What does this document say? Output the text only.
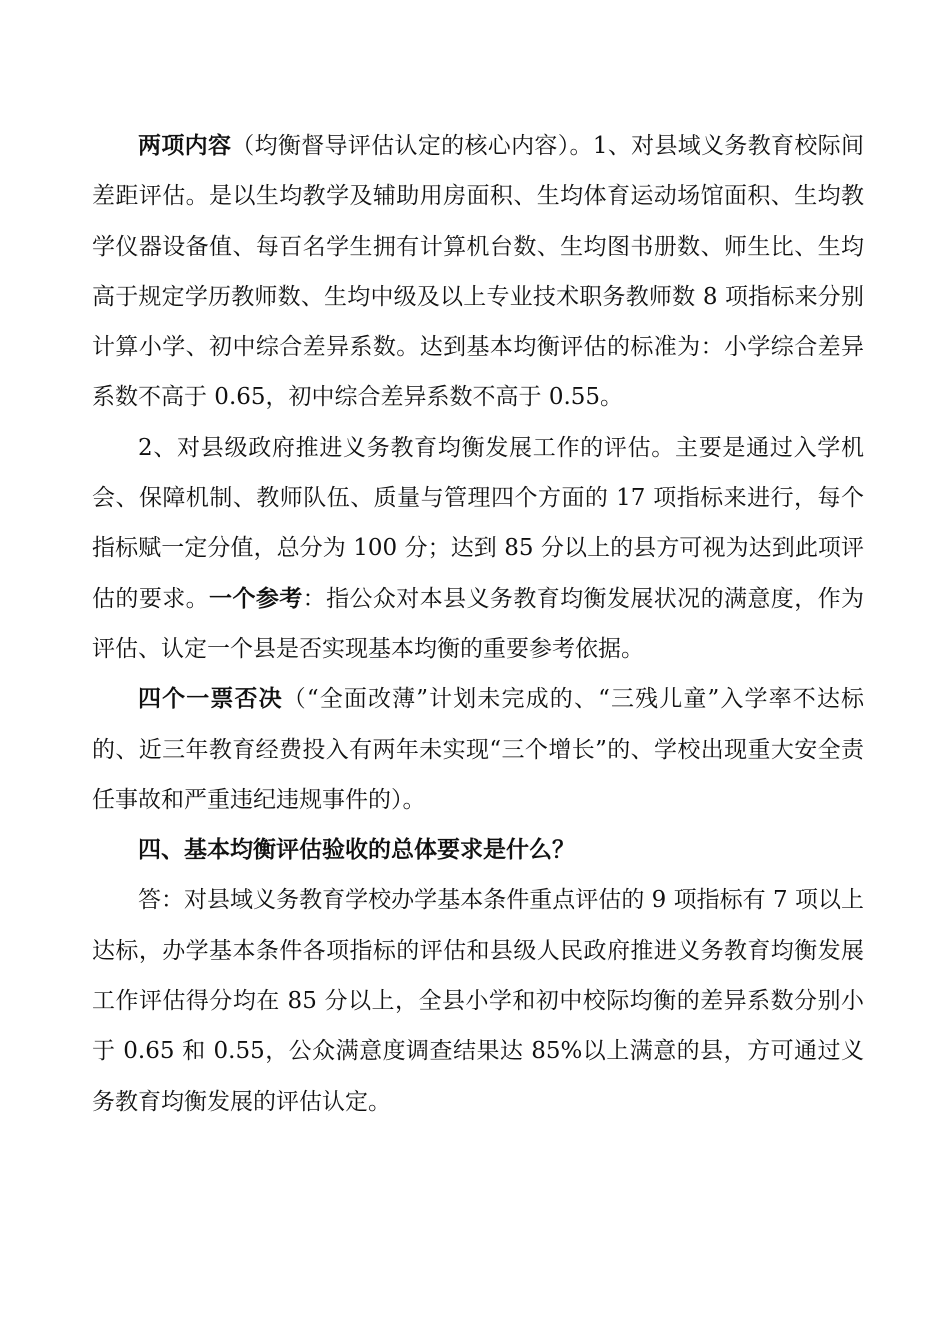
两项内容（均衡督导评估认定的核心内容）。1、对县域义务教育校际间差距评估。是以生均教学及辅助用房面积、生均体育运动场馆面积、生均教学仪器设备值、每百名学生拥有计算机台数、生均图书册数、师生比、生均高于规定学历教师数、生均中级及以上专业技术职务教师数 8 项指标来分别计算小学、初中综合差异系数。达到基本均衡评估的标准为：小学综合差异系数不高于 0.65，初中综合差异系数不高于 0.55。

2、对县级政府推进义务教育均衡发展工作的评估。主要是通过入学机会、保障机制、教师队伍、质量与管理四个方面的 17 项指标来进行，每个指标赋一定分值，总分为 100 分；达到 85 分以上的县方可视为达到此项评估的要求。一个参考：指公众对本县义务教育均衡发展状况的满意度，作为评估、认定一个县是否实现基本均衡的重要参考依据。

四个一票否决（“全面改薄”计划未完成的、“三残儿童”入学率不达标的、近三年教育经费投入有两年未实现“三个增长”的、学校出现重大安全责任事故和严重违纪违规事件的）。

四、基本均衡评估验收的总体要求是什么？

答：对县域义务教育学校办学基本条件重点评估的 9 项指标有 7 项以上达标，办学基本条件各项指标的评估和县级人民政府推进义务教育均衡发展工作评估得分均在 85 分以上，全县小学和初中校际均衡的差异系数分别小于 0.65 和 0.55，公众满意度调查结果达 85%以上满意的县，方可通过义务教育均衡发展的评估认定。
